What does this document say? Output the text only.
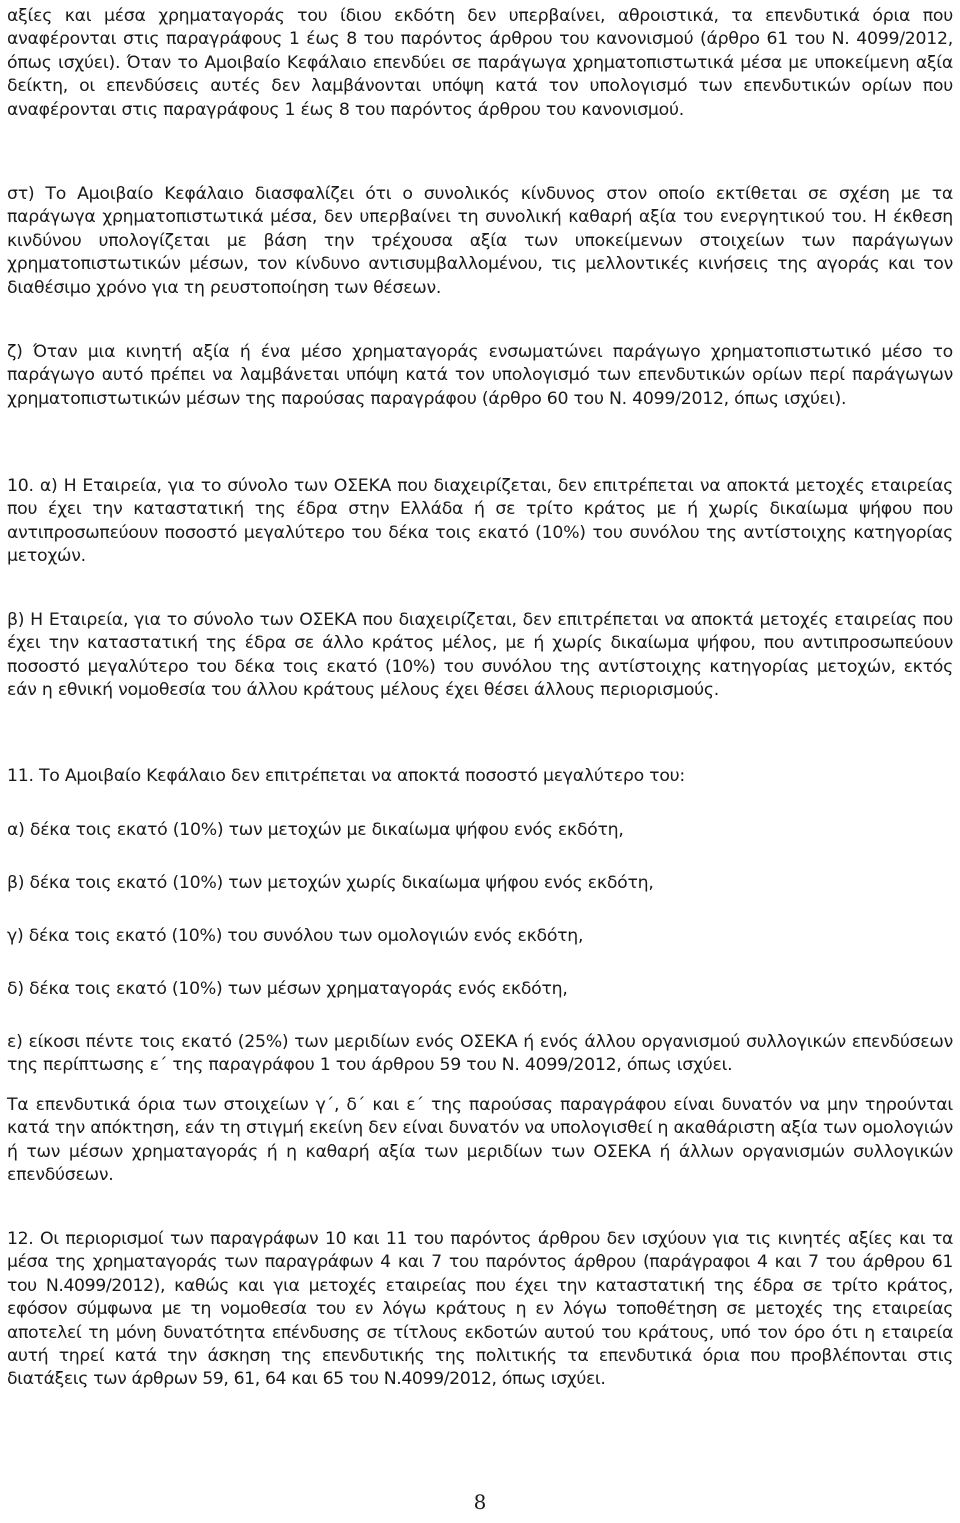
αξίες και μέσα χρηματαγοράς του ίδιου εκδότη δεν υπερβαίνει, αθροιστικά, τα επενδυτικά όρια που αναφέρονται στις παραγράφους 1 έως 8 του παρόντος άρθρου του κανονισμού (άρθρο 61 του Ν. 4099/2012, όπως ισχύει). Όταν το Αμοιβαίο Κεφάλαιο επενδύει σε παράγωγα χρηματοπιστωτικά μέσα με υποκείμενη αξία δείκτη, οι επενδύσεις αυτές δεν λαμβάνονται υπόψη κατά τον υπολογισμό των επενδυτικών ορίων που αναφέρονται στις παραγράφους 1 έως 8 του παρόντος άρθρου του κανονισμού.

στ) Το Αμοιβαίο Κεφάλαιο διασφαλίζει ότι ο συνολικός κίνδυνος στον οποίο εκτίθεται σε σχέση με τα παράγωγα χρηματοπιστωτικά μέσα, δεν υπερβαίνει τη συνολική καθαρή αξία του ενεργητικού του. Η έκθεση κινδύνου υπολογίζεται με βάση την τρέχουσα αξία των υποκείμενων στοιχείων των παράγωγων χρηματοπιστωτικών μέσων, τον κίνδυνο αντισυμβαλλομένου, τις μελλοντικές κινήσεις της αγοράς και τον διαθέσιμο χρόνο για τη ρευστοποίηση των θέσεων.

ζ) Όταν μια κινητή αξία ή ένα μέσο χρηματαγοράς ενσωματώνει παράγωγο χρηματοπιστωτικό μέσο το παράγωγο αυτό πρέπει να λαμβάνεται υπόψη κατά τον υπολογισμό των επενδυτικών ορίων περί παράγωγων χρηματοπιστωτικών μέσων της παρούσας παραγράφου (άρθρο 60 του Ν. 4099/2012, όπως ισχύει).

10. α) Η Εταιρεία, για το σύνολο των ΟΣΕΚΑ που διαχειρίζεται, δεν επιτρέπεται να αποκτά μετοχές εταιρείας που έχει την καταστατική της έδρα στην Ελλάδα ή σε τρίτο κράτος με ή χωρίς δικαίωμα ψήφου που αντιπροσωπεύουν ποσοστό μεγαλύτερο του δέκα τοις εκατό (10%) του συνόλου της αντίστοιχης κατηγορίας μετοχών.

β) Η Εταιρεία, για το σύνολο των ΟΣΕΚΑ που διαχειρίζεται, δεν επιτρέπεται να αποκτά μετοχές εταιρείας που έχει την καταστατική της έδρα σε άλλο κράτος μέλος, με ή χωρίς δικαίωμα ψήφου, που αντιπροσωπεύουν ποσοστό μεγαλύτερο του δέκα τοις εκατό (10%) του συνόλου της αντίστοιχης κατηγορίας μετοχών, εκτός εάν η εθνική νομοθεσία του άλλου κράτους μέλους έχει θέσει άλλους περιορισμούς.

11. Το Αμοιβαίο Κεφάλαιο δεν επιτρέπεται να αποκτά ποσοστό μεγαλύτερο του:

α) δέκα τοις εκατό (10%) των μετοχών με δικαίωμα ψήφου ενός εκδότη,

β) δέκα τοις εκατό (10%) των μετοχών χωρίς δικαίωμα ψήφου ενός εκδότη,

γ) δέκα τοις εκατό (10%) του συνόλου των ομολογιών ενός εκδότη,

δ) δέκα τοις εκατό (10%) των μέσων χρηματαγοράς ενός εκδότη,

ε) είκοσι πέντε τοις εκατό (25%) των μεριδίων ενός ΟΣΕΚΑ ή ενός άλλου οργανισμού συλλογικών επενδύσεων της περίπτωσης ε΄ της παραγράφου 1 του άρθρου 59 του Ν. 4099/2012, όπως ισχύει.

Τα επενδυτικά όρια των στοιχείων γ΄, δ΄ και ε΄ της παρούσας παραγράφου είναι δυνατόν να μην τηρούνται κατά την απόκτηση, εάν τη στιγμή εκείνη δεν είναι δυνατόν να υπολογισθεί η ακαθάριστη αξία των ομολογιών ή των μέσων χρηματαγοράς ή η καθαρή αξία των μεριδίων των ΟΣΕΚΑ ή άλλων οργανισμών συλλογικών επενδύσεων.

12. Οι περιορισμοί των παραγράφων 10 και 11 του παρόντος άρθρου δεν ισχύουν για τις κινητές αξίες και τα μέσα της χρηματαγοράς των παραγράφων 4 και 7 του παρόντος άρθρου (παράγραφοι 4 και 7 του άρθρου 61 του Ν.4099/2012), καθώς και για μετοχές εταιρείας που έχει την καταστατική της έδρα σε τρίτο κράτος, εφόσον σύμφωνα με τη νομοθεσία του εν λόγω κράτους η εν λόγω τοποθέτηση σε μετοχές της εταιρείας αποτελεί τη μόνη δυνατότητα επένδυσης σε τίτλους εκδοτών αυτού του κράτους, υπό τον όρο ότι η εταιρεία αυτή τηρεί κατά την άσκηση της επενδυτικής της πολιτικής τα επενδυτικά όρια που προβλέπονται στις διατάξεις των άρθρων 59, 61, 64 και 65 του Ν.4099/2012, όπως ισχύει.

8
